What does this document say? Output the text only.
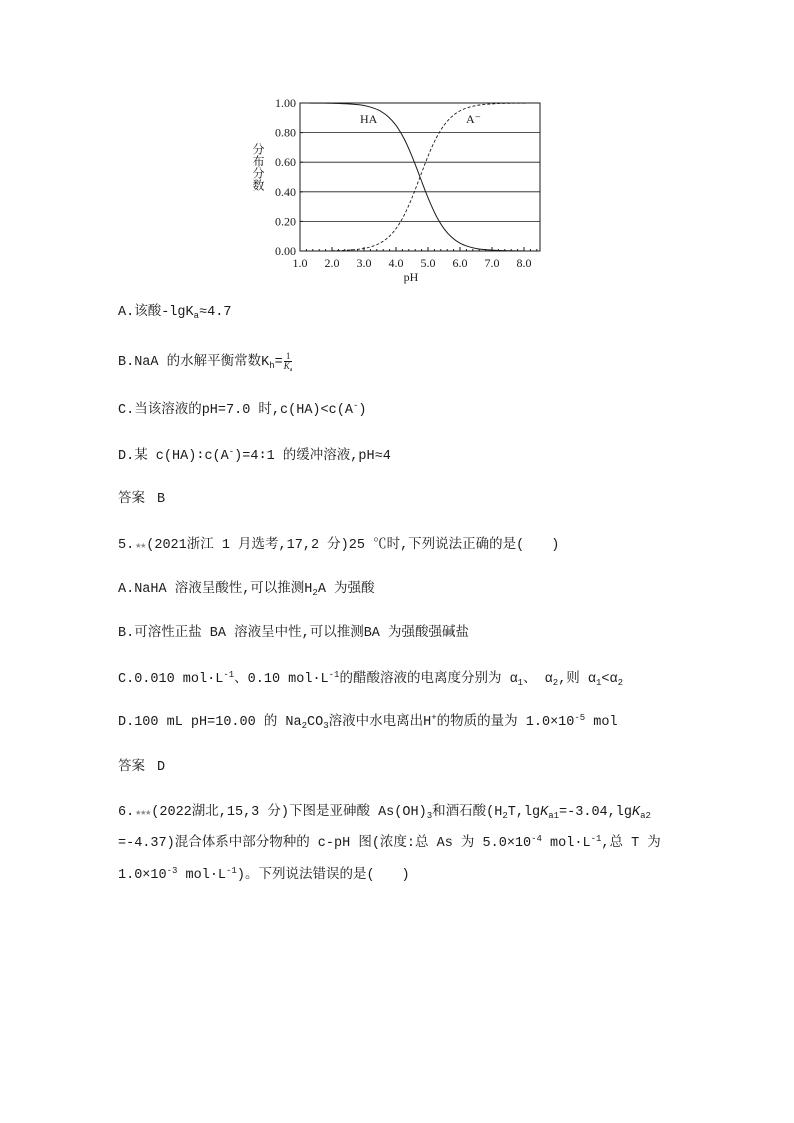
分布分数
0.00
0.20
0.40
0.60
0.80
1.00
1.0 2.0 3.0 4.0 5.0 6.0 7.0 8.0
pH
HA	A⁻
A.该酸-lgK$_a$≈4.7
B.NaA 的水解平衡常数$K_h= \frac{1}{K_a}$
C.当该溶液的pH=7.0 时,c(HA)<c(A-)
D.某 c(HA)∶c(A-)=4∶1 的缓冲溶液,pH≈4
答案 B
5.★★(2021浙江 1 月选考,17,2 分)25 ℃时,下列说法正确的是(　　)
A.NaHA 溶液呈酸性,可以推测$H_2A$ 为强酸
B.可溶性正盐 BA 溶液呈中性,可以推测BA 为强酸强碱盐
C.0.010 $mol\cdot L^{-1}$、0.10 $mol\cdot L^{-1}$的醋酸溶液的电离度分别为 $\alpha_1$、 $\alpha_2$,则 $\alpha_1<\alpha_2$
D.100 mL pH=10.00 的 $Na_2CO_3$溶液中水电离出H+的物质的量为 $1.0\times 10^{-5}$ mol
答案 D
6.★★★(2022湖北,15,3 分)下图是亚砷酸 $As(OH)_3$和酒石酸($H_2T,\lg K_{a1}=-3.04,\lg K_{a2}$
=-4.37)混合体系中部分物种的 c-pH 图(浓度:总 As 为 $5.0\times 10^{-4}$ $mol\cdot L^{-1}$,总 T 为
$1.0\times 10^{-3}$ $mol\cdot L^{-1}$)。下列说法错误的是(　　)
